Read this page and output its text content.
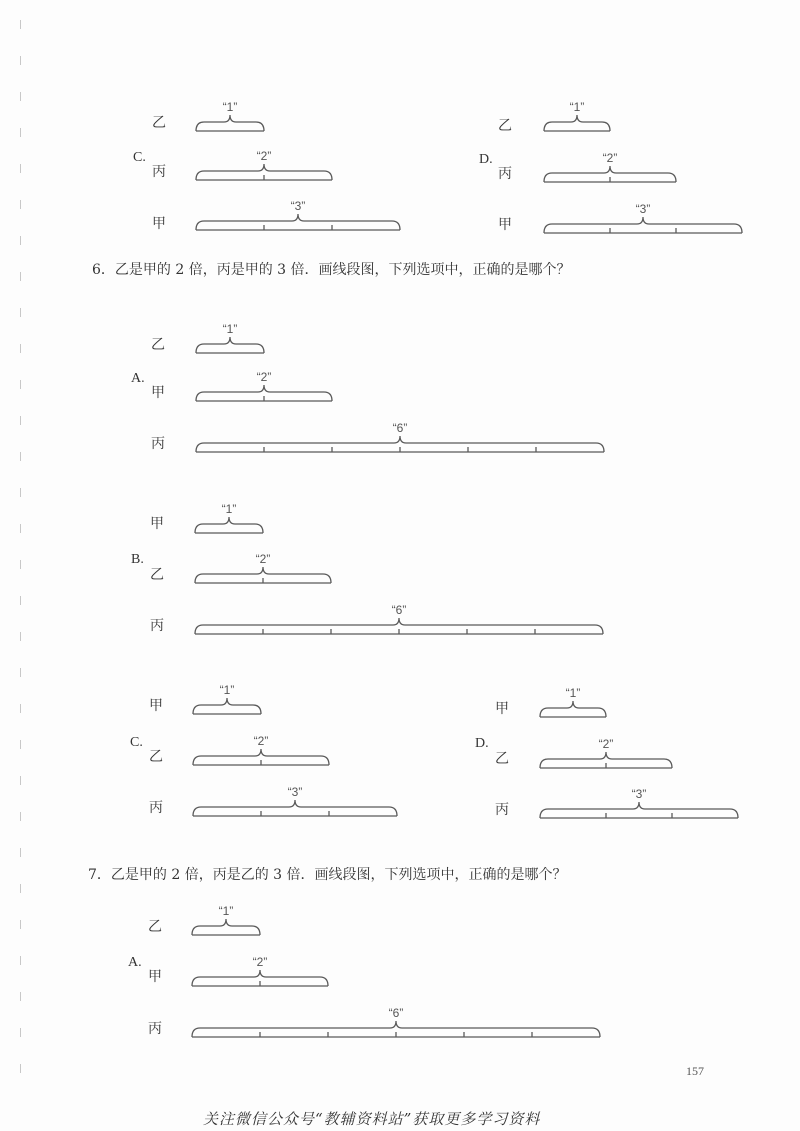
6．乙是甲的 2 倍，丙是甲的 3 倍．画线段图，下列选项中，正确的是哪个？
7．乙是甲的 2 倍，丙是乙的 3 倍．画线段图，下列选项中，正确的是哪个？
C.
乙
丙
甲
D.
乙
丙
甲
A.
乙
甲
丙
B.
甲
乙
丙
C.
甲
乙
丙
D.
甲
乙
丙
A.
乙
甲
丙
“1”
“2”
“3”
“1”
“2”
“3”
“1”
“2”
“6”
“1”
“2”
“6”
“1”
“2”
“3”
“1”
“2”
“3”
“1”
“2”
“6”
157
关注微信公众号“教辅资料站”获取更多学习资料
